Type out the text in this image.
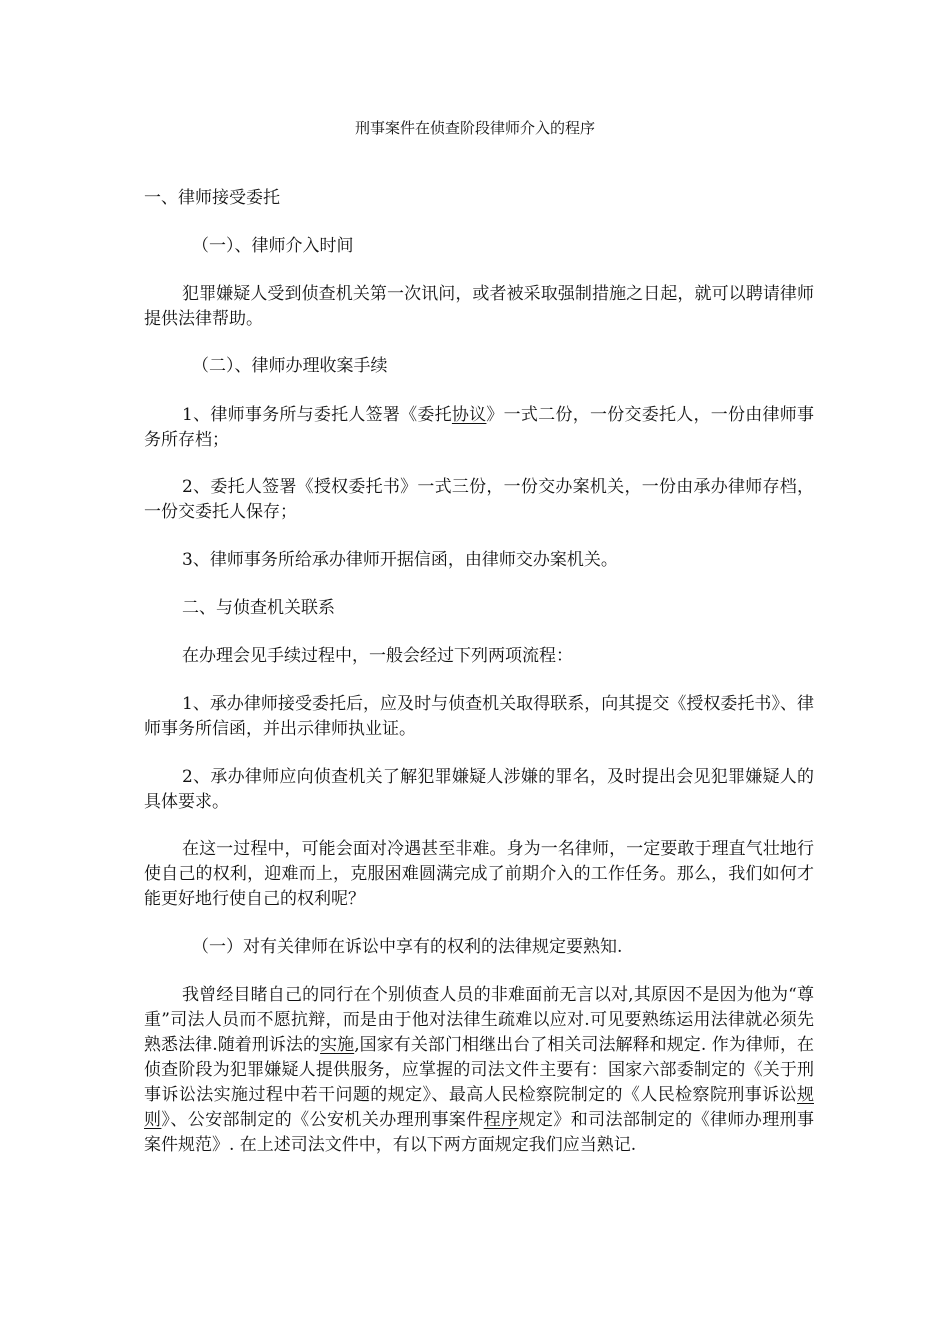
刑事案件在侦查阶段律师介入的程序

一、律师接受委托

（一）、律师介入时间

犯罪嫌疑人受到侦查机关第一次讯问，或者被采取强制措施之日起，就可以聘请律师提供法律帮助。

（二）、律师办理收案手续

1、律师事务所与委托人签署《委托协议》一式二份，一份交委托人，一份由律师事务所存档；

2、委托人签署《授权委托书》一式三份，一份交办案机关，一份由承办律师存档，一份交委托人保存；

3、律师事务所给承办律师开据信函，由律师交办案机关。

二、与侦查机关联系

在办理会见手续过程中，一般会经过下列两项流程：

1、承办律师接受委托后，应及时与侦查机关取得联系，向其提交《授权委托书》、律师事务所信函，并出示律师执业证。

2、承办律师应向侦查机关了解犯罪嫌疑人涉嫌的罪名，及时提出会见犯罪嫌疑人的具体要求。

在这一过程中，可能会面对冷遇甚至非难。身为一名律师，一定要敢于理直气壮地行使自己的权利，迎难而上，克服困难圆满完成了前期介入的工作任务。那么，我们如何才能更好地行使自己的权利呢？

（一）对有关律师在诉讼中享有的权利的法律规定要熟知.

我曾经目睹自己的同行在个别侦查人员的非难面前无言以对,其原因不是因为他为“尊重”司法人员而不愿抗辩，而是由于他对法律生疏难以应对.可见要熟练运用法律就必须先熟悉法律.随着刑诉法的实施,国家有关部门相继出台了相关司法解释和规定. 作为律师，在侦查阶段为犯罪嫌疑人提供服务，应掌握的司法文件主要有：国家六部委制定的《关于刑事诉讼法实施过程中若干问题的规定》、最高人民检察院制定的《人民检察院刑事诉讼规则》、公安部制定的《公安机关办理刑事案件程序规定》和司法部制定的《律师办理刑事案件规范》. 在上述司法文件中，有以下两方面规定我们应当熟记.
